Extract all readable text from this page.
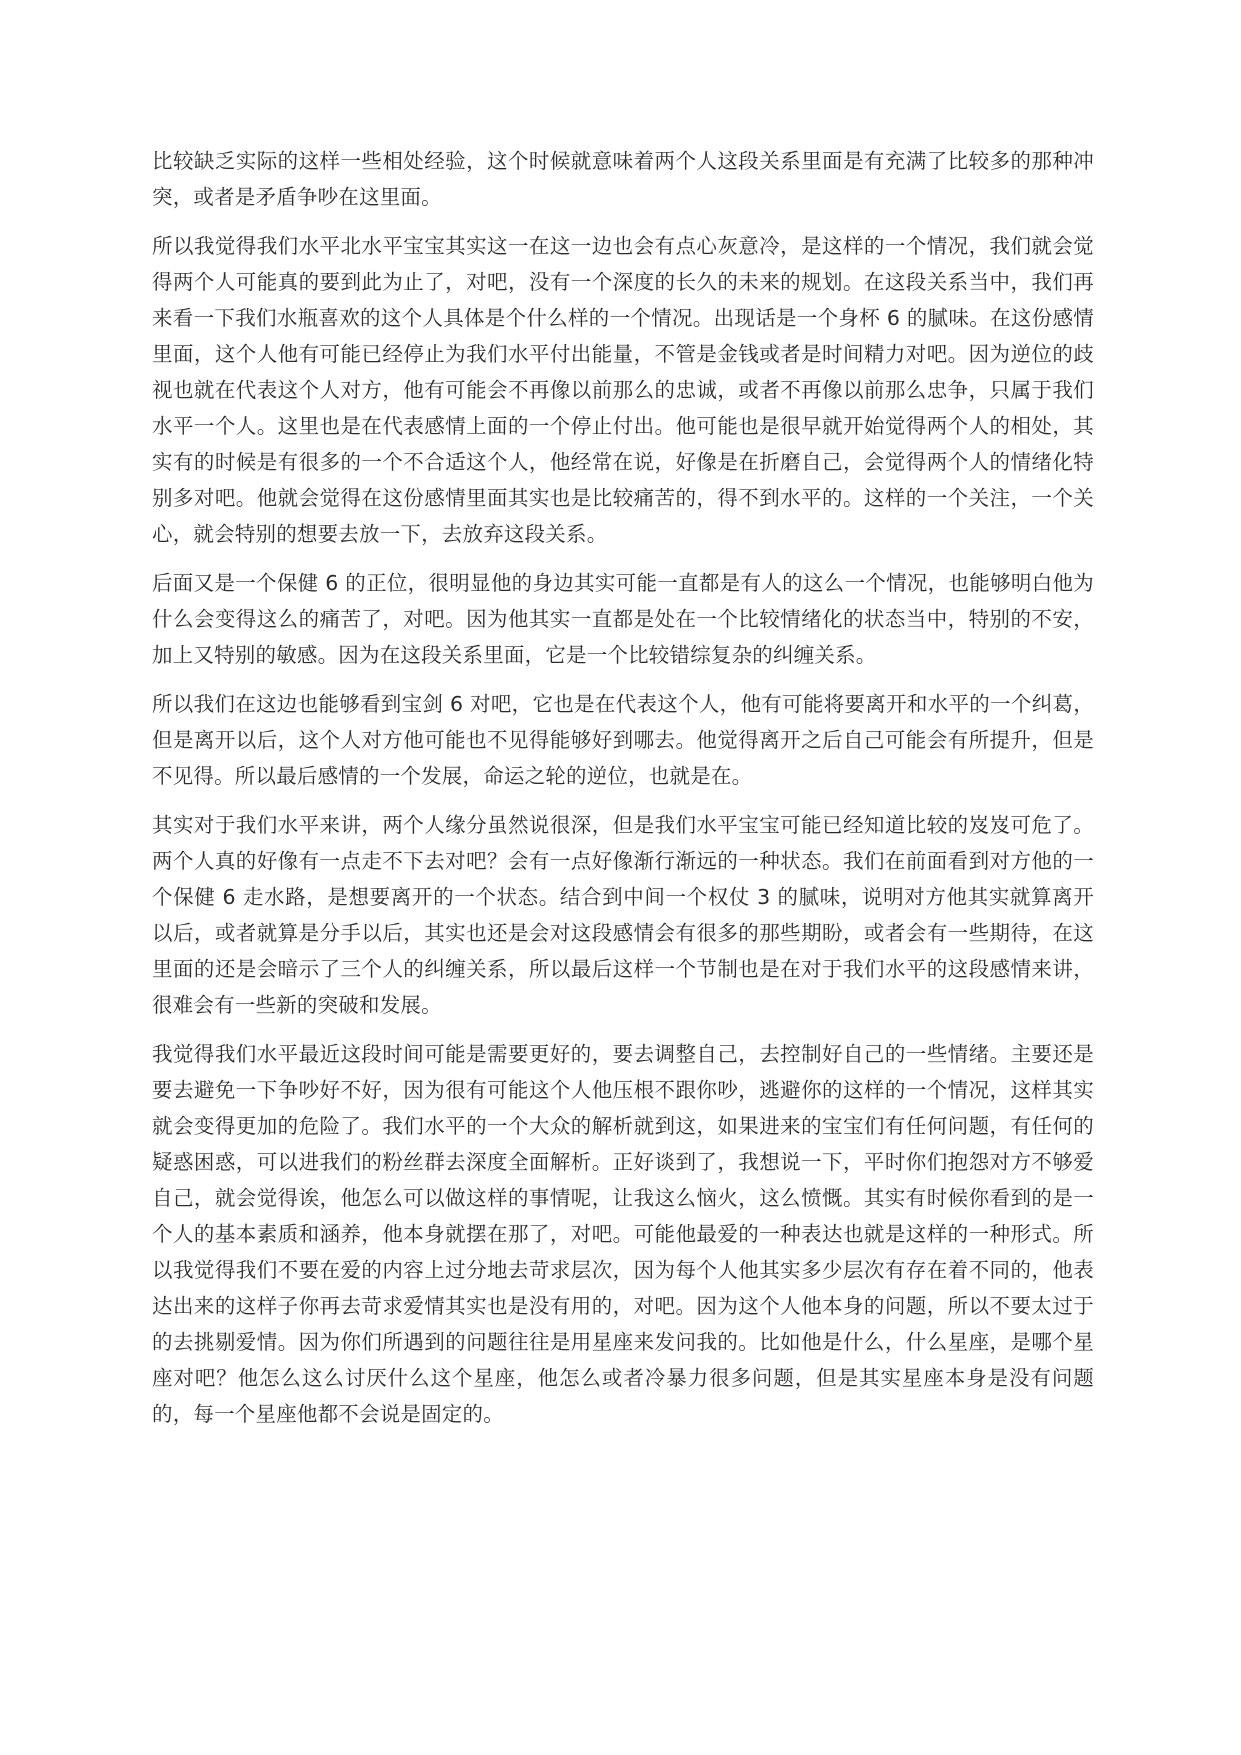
比较缺乏实际的这样一些相处经验，这个时候就意味着两个人这段关系里面是有充满了比较多的那种冲突，或者是矛盾争吵在这里面。

所以我觉得我们水平北水平宝宝其实这一在这一边也会有点心灰意冷，是这样的一个情况，我们就会觉得两个人可能真的要到此为止了，对吧，没有一个深度的长久的未来的规划。在这段关系当中，我们再来看一下我们水瓶喜欢的这个人具体是个什么样的一个情况。出现话是一个身杯 6 的腻味。在这份感情里面，这个人他有可能已经停止为我们水平付出能量，不管是金钱或者是时间精力对吧。因为逆位的歧视也就在代表这个人对方，他有可能会不再像以前那么的忠诚，或者不再像以前那么忠争，只属于我们水平一个人。这里也是在代表感情上面的一个停止付出。他可能也是很早就开始觉得两个人的相处，其实有的时候是有很多的一个不合适这个人，他经常在说，好像是在折磨自己，会觉得两个人的情绪化特别多对吧。他就会觉得在这份感情里面其实也是比较痛苦的，得不到水平的。这样的一个关注，一个关心，就会特别的想要去放一下，去放弃这段关系。

后面又是一个保健 6 的正位，很明显他的身边其实可能一直都是有人的这么一个情况，也能够明白他为什么会变得这么的痛苦了，对吧。因为他其实一直都是处在一个比较情绪化的状态当中，特别的不安，加上又特别的敏感。因为在这段关系里面，它是一个比较错综复杂的纠缠关系。

所以我们在这边也能够看到宝剑 6 对吧，它也是在代表这个人，他有可能将要离开和水平的一个纠葛，但是离开以后，这个人对方他可能也不见得能够好到哪去。他觉得离开之后自己可能会有所提升，但是不见得。所以最后感情的一个发展，命运之轮的逆位，也就是在。

其实对于我们水平来讲，两个人缘分虽然说很深，但是我们水平宝宝可能已经知道比较的岌岌可危了。两个人真的好像有一点走不下去对吧？会有一点好像渐行渐远的一种状态。我们在前面看到对方他的一个保健 6 走水路，是想要离开的一个状态。结合到中间一个权仗 3 的腻味，说明对方他其实就算离开以后，或者就算是分手以后，其实也还是会对这段感情会有很多的那些期盼，或者会有一些期待，在这里面的还是会暗示了三个人的纠缠关系，所以最后这样一个节制也是在对于我们水平的这段感情来讲，很难会有一些新的突破和发展。

我觉得我们水平最近这段时间可能是需要更好的，要去调整自己，去控制好自己的一些情绪。主要还是要去避免一下争吵好不好，因为很有可能这个人他压根不跟你吵，逃避你的这样的一个情况，这样其实就会变得更加的危险了。我们水平的一个大众的解析就到这，如果进来的宝宝们有任何问题，有任何的疑惑困惑，可以进我们的粉丝群去深度全面解析。正好谈到了，我想说一下，平时你们抱怨对方不够爱自己，就会觉得诶，他怎么可以做这样的事情呢，让我这么恼火，这么愤慨。其实有时候你看到的是一个人的基本素质和涵养，他本身就摆在那了，对吧。可能他最爱的一种表达也就是这样的一种形式。所以我觉得我们不要在爱的内容上过分地去苛求层次，因为每个人他其实多少层次有存在着不同的，他表达出来的这样子你再去苛求爱情其实也是没有用的，对吧。因为这个人他本身的问题，所以不要太过于的去挑剔爱情。因为你们所遇到的问题往往是用星座来发问我的。比如他是什么，什么星座，是哪个星座对吧？他怎么这么讨厌什么这个星座，他怎么或者冷暴力很多问题，但是其实星座本身是没有问题的，每一个星座他都不会说是固定的。
